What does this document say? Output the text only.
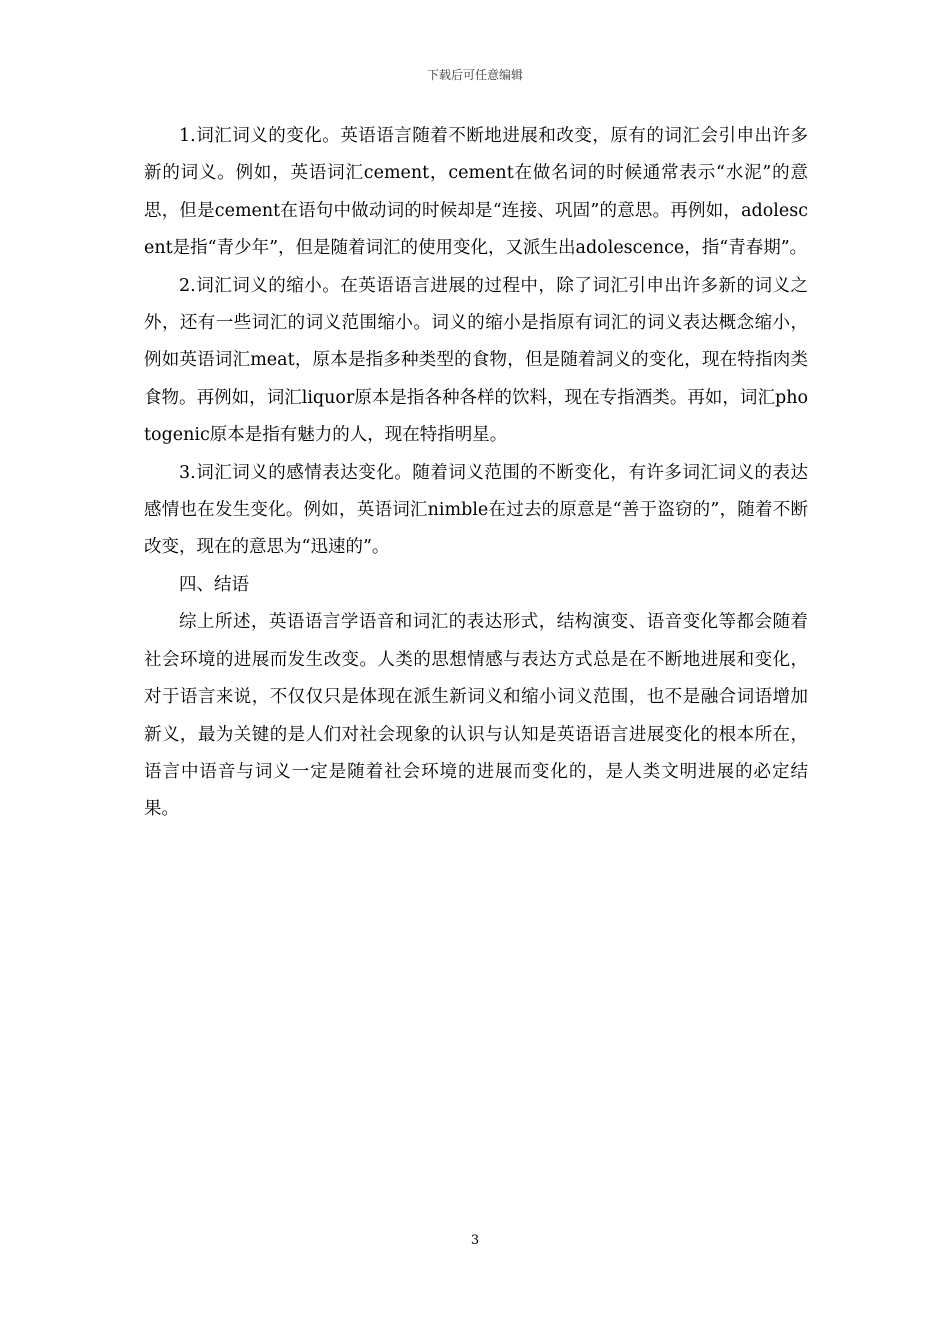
下载后可任意编辑

1.词汇词义的变化。英语语言随着不断地进展和改变，原有的词汇会引申出许多新的词义。例如，英语词汇cement，cement在做名词的时候通常表示“水泥”的意思，但是cement在语句中做动词的时候却是“连接、巩固”的意思。再例如，adolescent是指“青少年”，但是随着词汇的使用变化，又派生出adolescence，指“青春期”。

2.词汇词义的缩小。在英语语言进展的过程中，除了词汇引申出许多新的词义之外，还有一些词汇的词义范围缩小。词义的缩小是指原有词汇的词义表达概念缩小，例如英语词汇meat，原本是指多种类型的食物，但是随着詞义的变化，现在特指肉类食物。再例如，词汇liquor原本是指各种各样的饮料，现在专指酒类。再如，词汇photogenic原本是指有魅力的人，现在特指明星。

3.词汇词义的感情表达变化。随着词义范围的不断变化，有许多词汇词义的表达感情也在发生变化。例如，英语词汇nimble在过去的原意是“善于盗窃的”，随着不断改变，现在的意思为“迅速的”。

四、结语

综上所述，英语语言学语音和词汇的表达形式，结构演变、语音变化等都会随着社会环境的进展而发生改变。人类的思想情感与表达方式总是在不断地进展和变化，对于语言来说，不仅仅只是体现在派生新词义和缩小词义范围，也不是融合词语增加新义，最为关键的是人们对社会现象的认识与认知是英语语言进展变化的根本所在，语言中语音与词义一定是随着社会环境的进展而变化的，是人类文明进展的必定结果。

3
